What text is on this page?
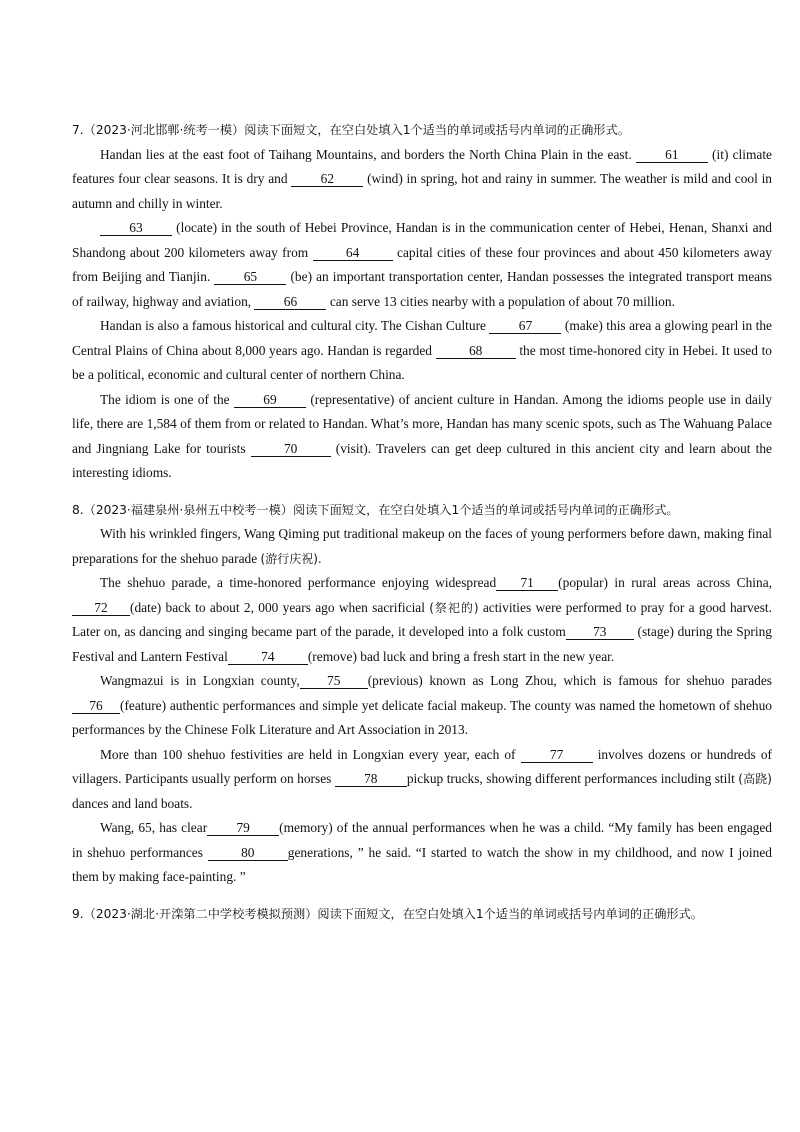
7.（2023·河北邯郸·统考一模）阅读下面短文，在空白处填入1个适当的单词或括号内单词的正确形式。

Handan lies at the east foot of Taihang Mountains, and borders the North China Plain in the east. 61	(it) climate features four clear seasons. It is dry and 62 (wind) in spring, hot and rainy in summer. The weather is mild and cool in autumn and chilly in winter.

63 (locate) in the south of Hebei Province, Handan is in the communication center of Hebei, Henan, Shanxi and Shandong about 200 kilometers away from	64	capital cities of these four provinces and about 450 kilometers away from Beijing and Tianjin. 65 (be) an important transportation center, Handan possesses the integrated transport means of railway, highway and aviation, 66 can serve 13 cities nearby with a population of about 70 million.

Handan is also a famous historical and cultural city. The Cishan Culture 67 (make) this area a glowing pearl in the Central Plains of China about 8,000 years ago. Handan is regarded	68	the most time-honored city in Hebei. It used to be a political, economic and cultural center of northern China.

The idiom is one of the	69	(representative) of ancient culture in Handan. Among the idioms people use in daily life, there are 1,584 of them from or related to Handan. What’s more, Handan has many scenic spots, such as The Wahuang Palace and Jingniang Lake for tourists	70	(visit). Travelers can get deep cultured in this ancient city and learn about the interesting idioms.

8.（2023·福建泉州·泉州五中校考一模）阅读下面短文，在空白处填入1个适当的单词或括号内单词的正确形式。

With his wrinkled fingers, Wang Qiming put traditional makeup on the faces of young performers before dawn, making final preparations for the shehuo parade (游行庆祝).

The shehuo parade, a time-honored performance enjoying widespread 71 (popular) in rural areas across China,72 (date) back to about 2, 000 years ago when sacrificial (祭祀的) activities were performed to pray for a good harvest. Later on, as dancing and singing became part of the parade, it developed into a folk custom 73 (stage) during the Spring Festival and Lantern Festival 74 (remove) bad luck and bring a fresh start in the new year.

Wangmazui is in Longxian county, 75 (previous) known as Long Zhou, which is famous for shehuo parades 76 (feature) authentic performances and simple yet delicate facial makeup. The county was named the hometown of shehuo performances by the Chinese Folk Literature and Art Association in 2013.

More than 100 shehuo festivities are held in Longxian every year, each of	77	involves dozens or hundreds of villagers. Participants usually perform on horses 78 pickup trucks, showing different performances including stilt (高跷) dances and land boats.

Wang, 65, has clear 79 (memory) of the annual performances when he was a child. “My family has been engaged in shehuo performances	80 generations, ” he said. “I started to watch the show in my childhood, and now I joined them by making face-painting. ”

9.（2023·湖北·开滦第二中学校考模拟预测）阅读下面短文，在空白处填入1个适当的单词或括号内单词的正确形式。
